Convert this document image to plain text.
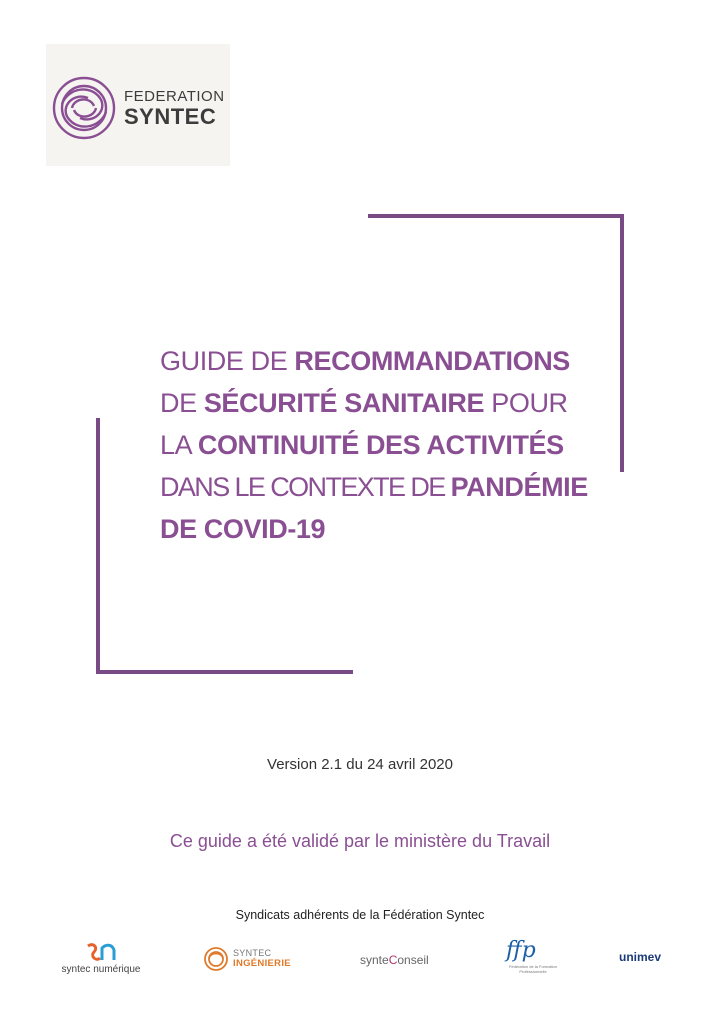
FEDERATION
SYNTEC
GUIDE DE RECOMMANDATIONS
DE SÉCURITÉ SANITAIRE POUR
LA CONTINUITÉ DES ACTIVITÉS
DANS LE CONTEXTE DE PANDÉMIE
DE COVID-19
Version 2.1 du 24 avril 2020
Ce guide a été validé par le ministère du Travail
Syndicats adhérents de la Fédération Syntec
syntec numérique
SYNTEC
INGÉNIERIE	synteConseil	ffp
Fédération de la Formation Professionnelle
unimev
